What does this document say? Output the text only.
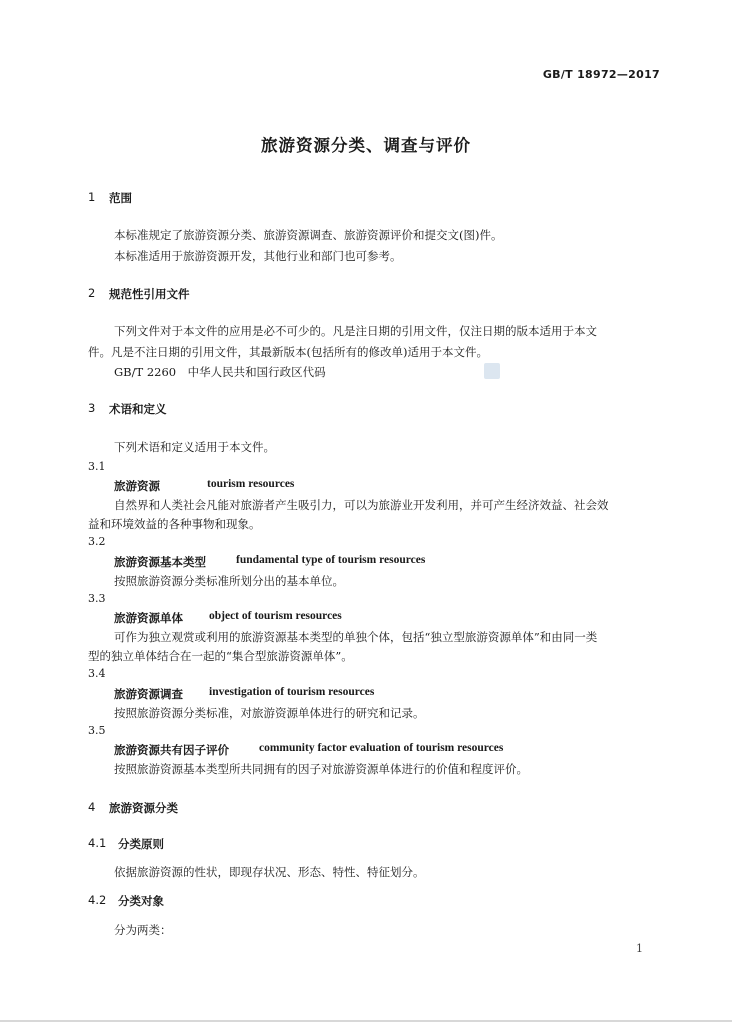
GB/T 18972—2017
旅游资源分类、调查与评价
1 范围
本标准规定了旅游资源分类、旅游资源调查、旅游资源评价和提交文(图)件。
本标准适用于旅游资源开发，其他行业和部门也可参考。
2 规范性引用文件
下列文件对于本文件的应用是必不可少的。凡是注日期的引用文件，仅注日期的版本适用于本文
件。凡是不注日期的引用文件，其最新版本(包括所有的修改单)适用于本文件。
GB/T 2260　中华人民共和国行政区代码
3 术语和定义
下列术语和定义适用于本文件。
3.1
旅游资源	tourism resources
自然界和人类社会凡能对旅游者产生吸引力，可以为旅游业开发利用，并可产生经济效益、社会效
益和环境效益的各种事物和现象。
3.2
旅游资源基本类型	fundamental type of tourism resources
按照旅游资源分类标准所划分出的基本单位。
3.3
旅游资源单体 object of tourism resources
可作为独立观赏或利用的旅游资源基本类型的单独个体，包括“独立型旅游资源单体”和由同一类
型的独立单体结合在一起的“集合型旅游资源单体”。
3.4
旅游资源调查 investigation of tourism resources
按照旅游资源分类标准，对旅游资源单体进行的研究和记录。
3.5
旅游资源共有因子评价	community factor evaluation of tourism resources
按照旅游资源基本类型所共同拥有的因子对旅游资源单体进行的价值和程度评价。
4 旅游资源分类
4.1 分类原则
依据旅游资源的性状，即现存状况、形态、特性、特征划分。
4.2 分类对象
分为两类：
1
